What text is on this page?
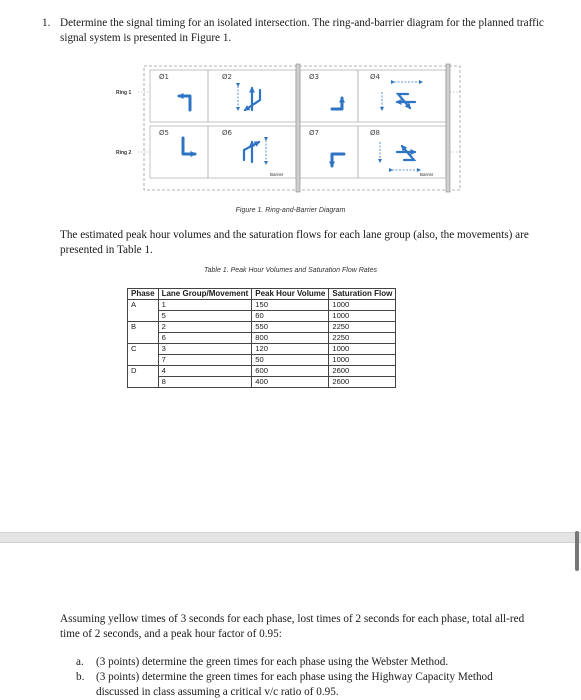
1. Determine the signal timing for an isolated intersection. The ring-and-barrier diagram for the planned traffic signal system is presented in Figure 1.
Ring 1
Ring 2
Ø1	Ø2	Ø3	Ø4
Ø5	Ø6	Ø7	Ø8
Barrier	Barrier
Figure 1. Ring-and-Barrier Diagram
The estimated peak hour volumes and the saturation flows for each lane group (also, the movements) are presented in Table 1.
Table 1. Peak Hour Volumes and Saturation Flow Rates
Phase	Lane Group/Movement	Peak Hour Volume	Saturation Flow
A	1	150	1000
	5	60	1000
B	2	550	2250
	6	800	2250
C	3	120	1000
	7	50	1000
D	4	600	2600
	8	400	2600
Assuming yellow times of 3 seconds for each phase, lost times of 2 seconds for each phase, total all-red time of 2 seconds, and a peak hour factor of 0.95:
a. (3 points) determine the green times for each phase using the Webster Method.
b. (3 points) determine the green times for each phase using the Highway Capacity Method discussed in class assuming a critical v/c ratio of 0.95.
